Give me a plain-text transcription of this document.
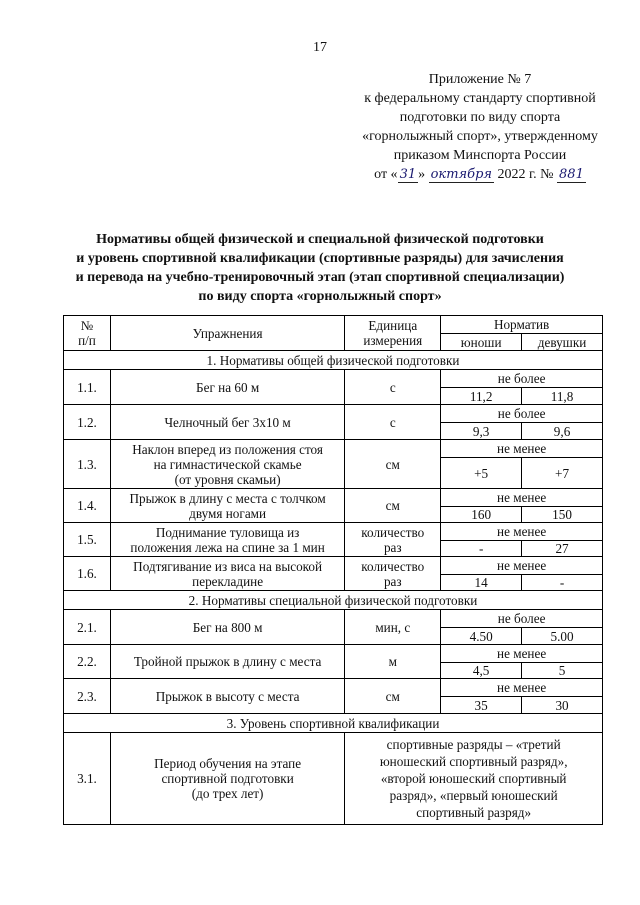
17
Приложение № 7
к федеральному стандарту спортивной
подготовки по виду спорта
«горнолыжный спорт», утвержденному
приказом Минспорта России
от « 31 » октября 2022 г. № 881
Нормативы общей физической и специальной физической подготовки
и уровень спортивной квалификации (спортивные разряды) для зачисления
и перевода на учебно-тренировочный этап (этап спортивной специализации)
по виду спорта «горнолыжный спорт»
№
п/п	Упражнения	Единица
измерения	Норматив	
			юноши	девушки
1. Нормативы общей физической подготовки				
1.1.	Бег на 60 м	с	не более	
			11,2	11,8
1.2.	Челночный бег 3х10 м	с	не более	
			9,3	9,6
1.3.	Наклон вперед из положения стоя
на гимнастической скамье
(от уровня скамьи)	см	не менее	
			+5	+7
1.4.	Прыжок в длину с места с толчком
двумя ногами	см	не менее	
			160	150
1.5.	Поднимание туловища из
положения лежа на спине за 1 мин	количество
раз	не менее	
			-	27
1.6.	Подтягивание из виса на высокой
перекладине	количество
раз	не менее	
			14	-
2. Нормативы специальной физической подготовки				
2.1.	Бег на 800 м	мин, с	не более	
			4.50	5.00
2.2.	Тройной прыжок в длину с места	м	не менее	
			4,5	5
2.3.	Прыжок в высоту с места	см	не менее	
			35	30
3. Уровень спортивной квалификации				
3.1.	Период обучения на этапе
спортивной подготовки
(до трех лет)	спортивные разряды – «третий
юношеский спортивный разряд»,
«второй юношеский спортивный
разряд», «первый юношеский
спортивный разряд»		
